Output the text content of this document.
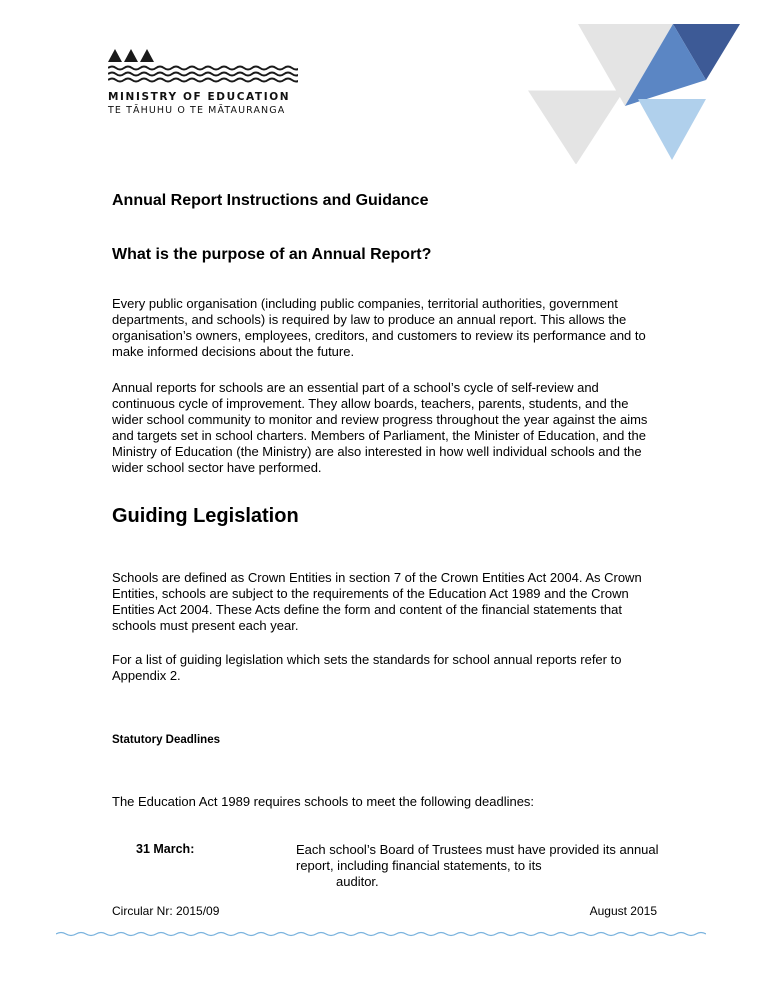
MINISTRY OF EDUCATION
TE TĀHUHU O TE MĀTAURANGA
Annual Report Instructions and Guidance
What is the purpose of an Annual Report?

Every public organisation (including public companies, territorial authorities, government departments, and schools) is required by law to produce an annual report. This allows the organisation’s owners, employees, creditors, and customers to review its performance and to make informed decisions about the future.

Annual reports for schools are an essential part of a school’s cycle of self-review and continuous cycle of improvement. They allow boards, teachers, parents, students, and the wider school community to monitor and review progress throughout the year against the aims and targets set in school charters. Members of Parliament, the Minister of Education, and the Ministry of Education (the Ministry) are also interested in how well individual schools and the wider school sector have performed.

Guiding Legislation

Schools are defined as Crown Entities in section 7 of the Crown Entities Act 2004. As Crown Entities, schools are subject to the requirements of the Education Act 1989 and the Crown Entities Act 2004. These Acts define the form and content of the financial statements that schools must present each year.

For a list of guiding legislation which sets the standards for school annual reports refer to Appendix 2.

Statutory Deadlines

The Education Act 1989 requires schools to meet the following deadlines:

31 March:	Each school’s Board of Trustees must have provided its annual report, including financial statements, to its
auditor.

Circular Nr: 2015/09	August 2015
